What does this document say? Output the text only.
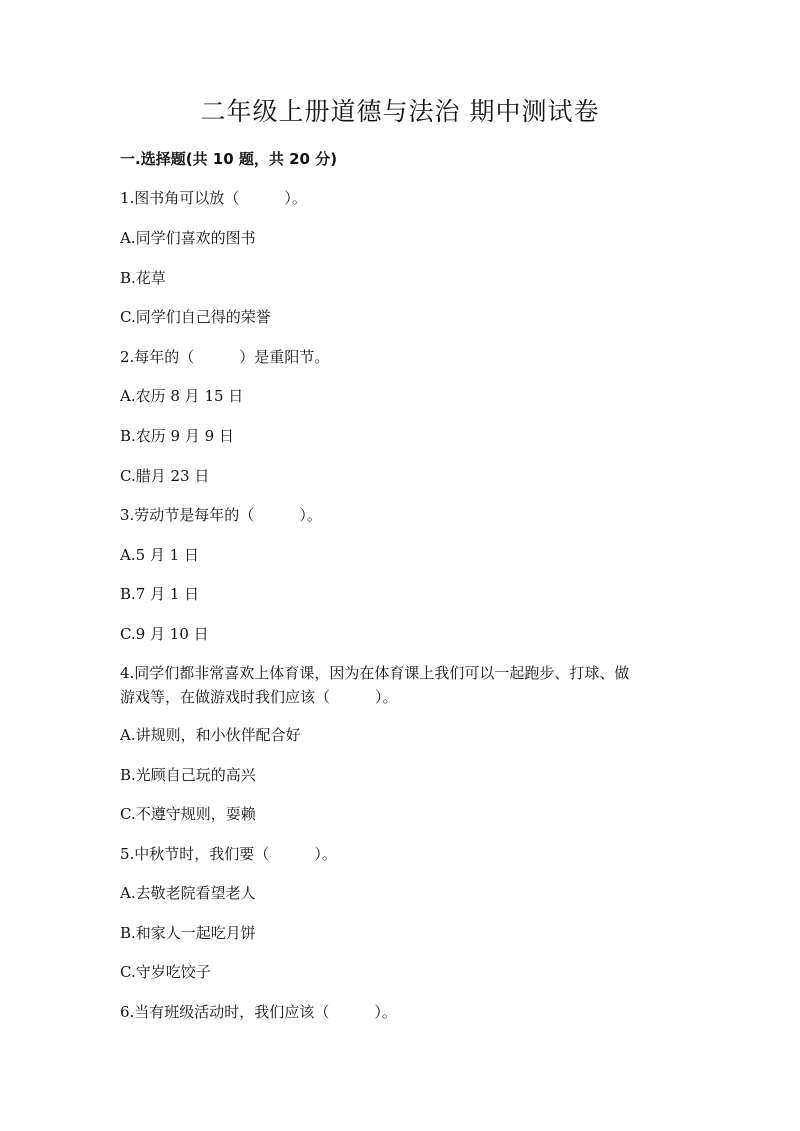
二年级上册道德与法治 期中测试卷
一.选择题(共 10 题，共 20 分)
1.图书角可以放（　　　）。
A.同学们喜欢的图书
B.花草
C.同学们自己得的荣誉
2.每年的（　　　）是重阳节。
A.农历 8 月 15 日
B.农历 9 月 9 日
C.腊月 23 日
3.劳动节是每年的（　　　）。
A.5 月 1 日
B.7 月 1 日
C.9 月 10 日
4.同学们都非常喜欢上体育课，因为在体育课上我们可以一起跑步、打球、做
游戏等，在做游戏时我们应该（　　　）。
A.讲规则，和小伙伴配合好
B.光顾自己玩的高兴
C.不遵守规则，耍赖
5.中秋节时，我们要（　　　）。
A.去敬老院看望老人
B.和家人一起吃月饼
C.守岁吃饺子
6.当有班级活动时，我们应该（　　　）。
